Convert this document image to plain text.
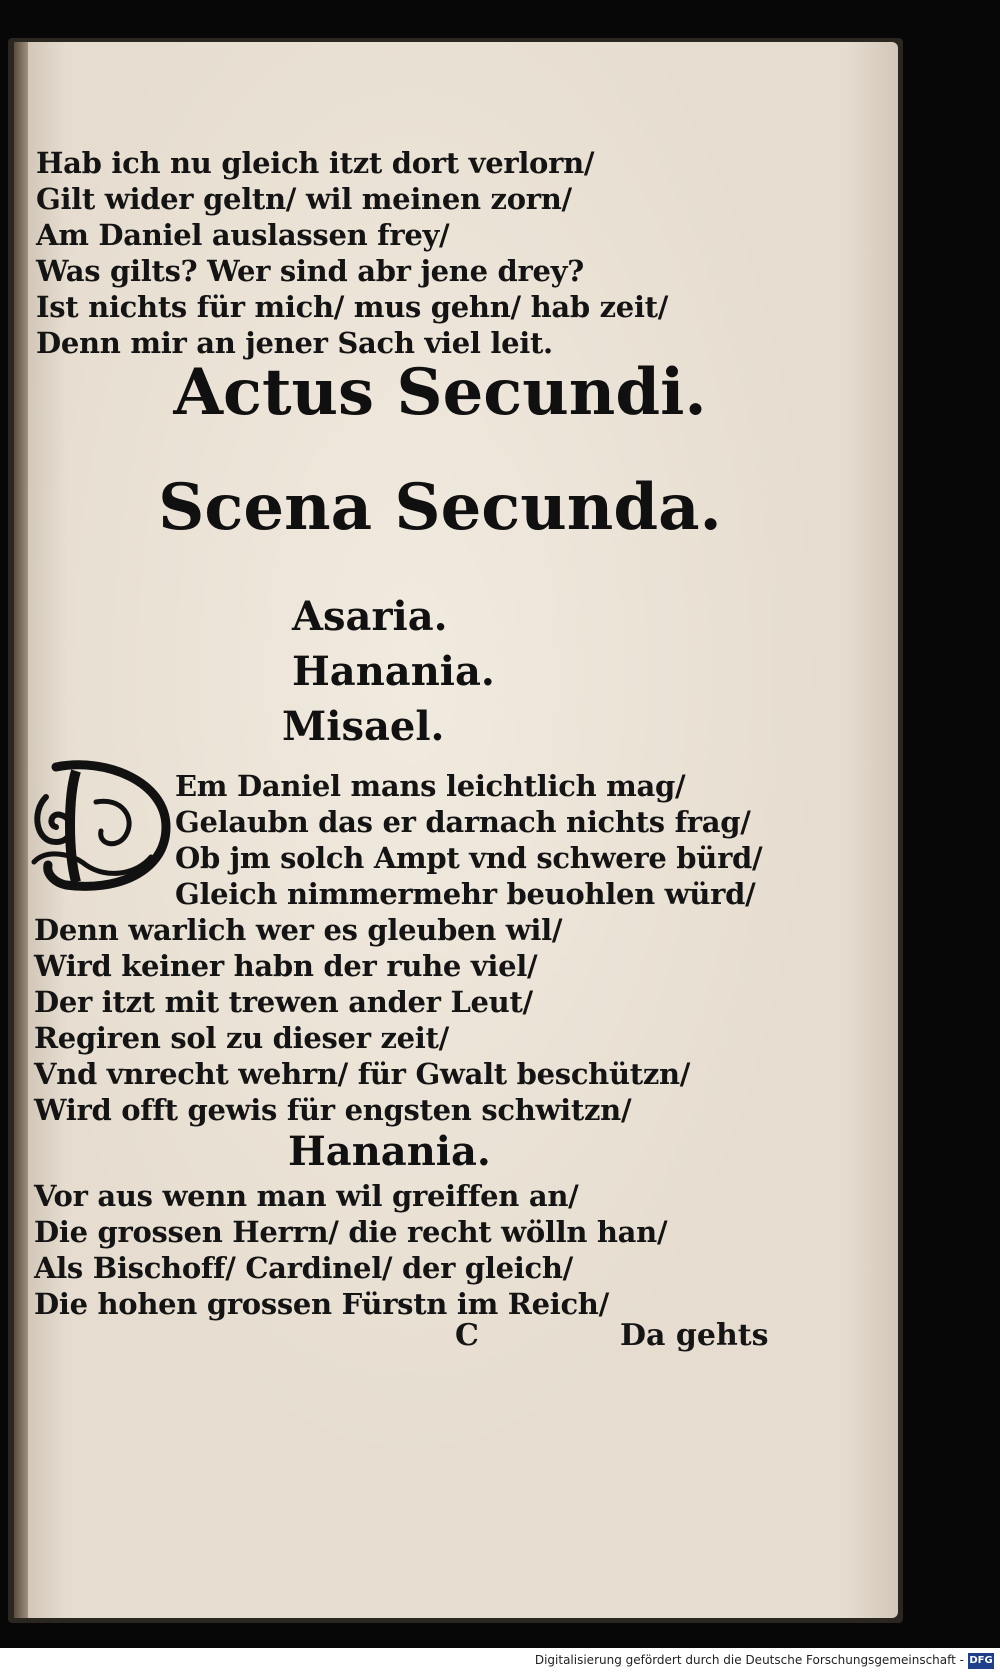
Hab ich nu gleich itzt dort verlorn/
Gilt wider geltn/ wil meinen zorn/
Am Daniel auslassen frey/
Was gilts? Wer sind abr jene drey?
Ist nichts für mich/ mus gehn/ hab zeit/
Denn mir an jener Sach viel leit.
Actus Secundi.
Scena Secunda.
Asaria.
Hanania.
Misael.
Em Daniel mans leichtlich mag/
Gelaubn das er darnach nichts frag/
Ob jm solch Ampt vnd schwere bürd/
Gleich nimmermehr beuohlen würd/
Denn warlich wer es gleuben wil/
Wird keiner habn der ruhe viel/
Der itzt mit trewen ander Leut/
Regiren sol zu dieser zeit/
Vnd vnrecht wehrn/ für Gwalt beschützn/
Wird offt gewis für engsten schwitzn/
Hanania.
Vor aus wenn man wil greiffen an/
Die grossen Herrn/ die recht wölln han/
Als Bischoff/ Cardinel/ der gleich/
Die hohen grossen Fürstn im Reich/
C	Da gehts
Digitalisierung gefördert durch die Deutsche Forschungsgemeinschaft - DFG
